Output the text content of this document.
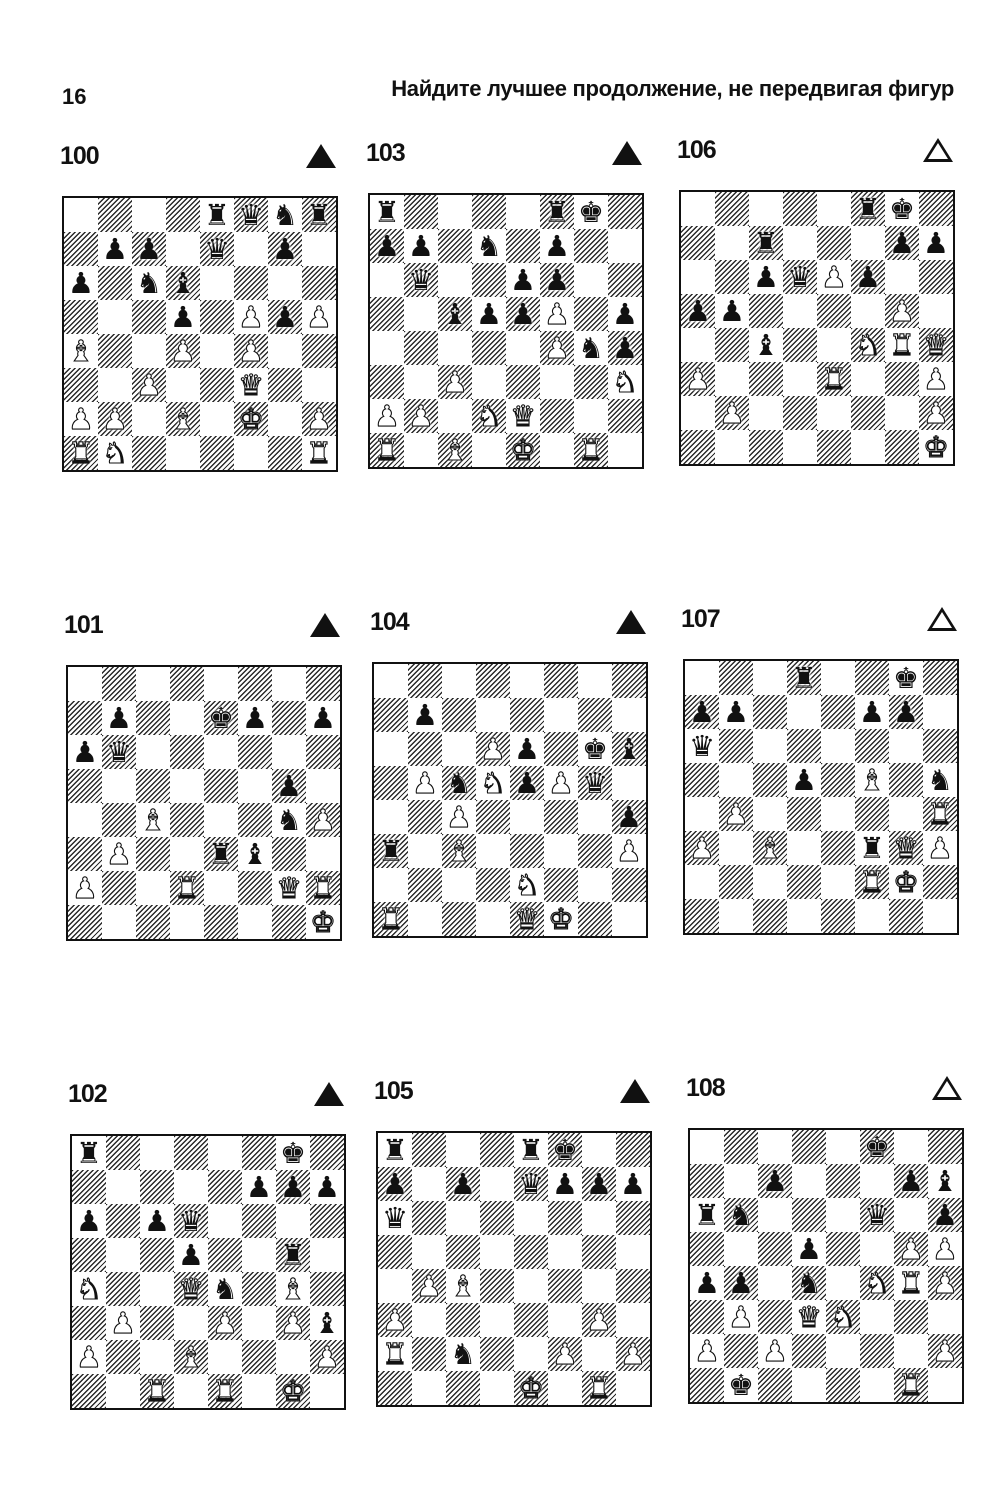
16	Найдите лучшее продолжение, не передвигая фигур
100
♜ ♛ ♞ ♜
♟ ♟ ♛ ♟
♟ ♞ ♝
♟ ♟ ♟ ♟
♝	♟ ♟
♟	♛
♟ ♟ ♝ ♚ ♟
♜ ♞	♜
103
♜	♜ ♚
♟ ♟ ♞ ♟
♛	♟ ♟
♝ ♟ ♟ ♟ ♟
♟ ♞ ♟
♟	♞
♟ ♟ ♞ ♛
♜ ♝ ♚ ♜
106
♜ ♚
♜	♟ ♟
♟ ♛ ♟ ♟
♟ ♟	♟
♝	♞ ♜ ♛
♟	♜	♟
♟	♟
♚
101
♟	♚ ♟ ♟
♟ ♛
♟
♝	♞ ♟
♟	♜ ♝
♟	♜	♛ ♜
♚
104
♟
♟ ♟ ♚ ♝
♟ ♞ ♞ ♟ ♟ ♛
♟	♟
♜ ♝	♟
♞
♜	♛ ♚
107
♜	♚
♟ ♟	♟ ♟
♛
♟ ♝ ♞
♟	♜
♟ ♝	♜ ♛ ♟
♜ ♚
102
♜	♚
♟ ♟ ♟
♟ ♟ ♛
♟	♜
♞	♛ ♞ ♝
♟	♟ ♟ ♝
♟	♝	♟
♜ ♜ ♚
105
♜	♜ ♚
♟ ♟ ♛ ♟ ♟ ♟
♛
♟ ♝
♟	♟
♜ ♞	♟ ♟
♚ ♜
108
♚
♟	♟ ♝
♜ ♞	♛ ♟
♟	♟ ♟
♟ ♟ ♞ ♞ ♜ ♟
♟ ♛ ♞
♟ ♟	♟
♚	♜
